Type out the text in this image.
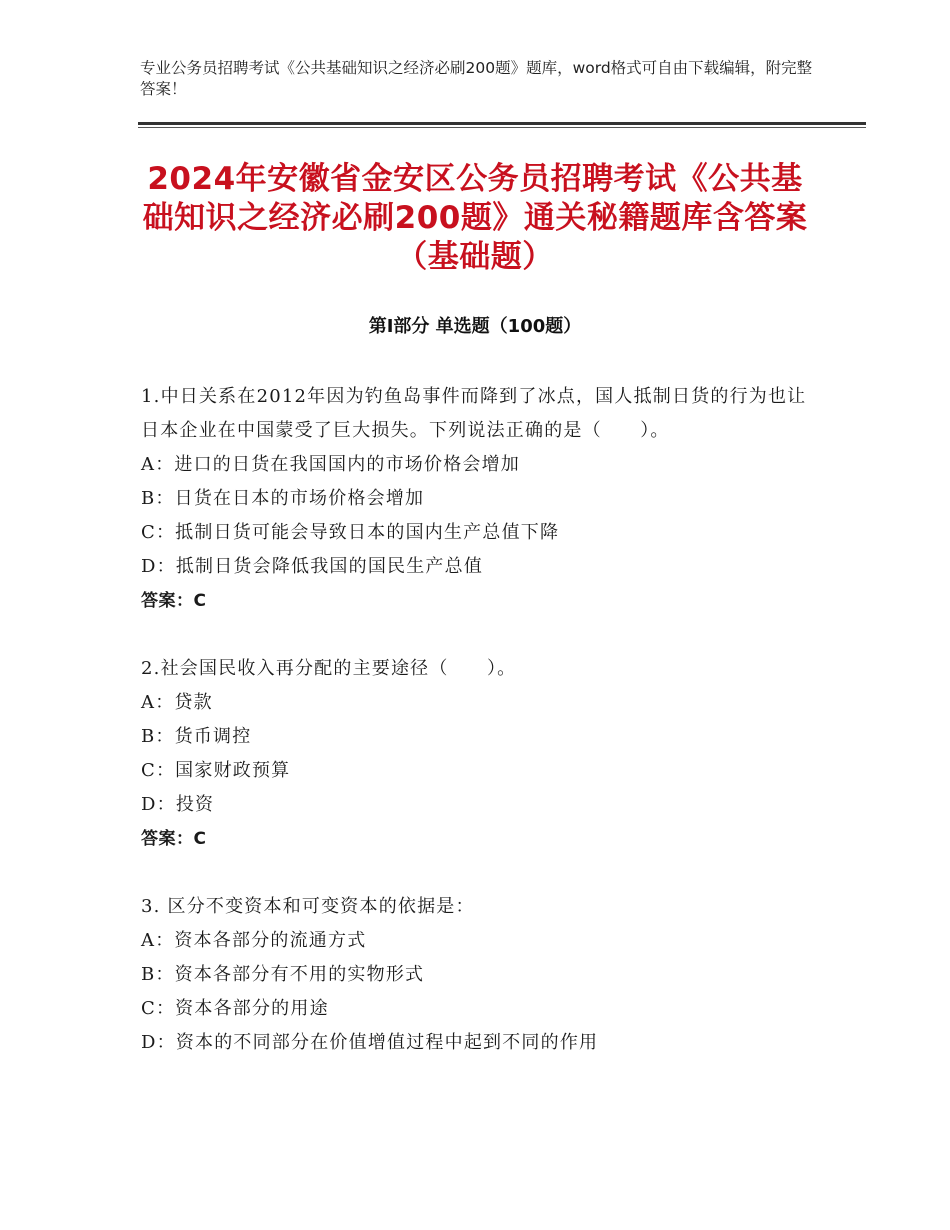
专业公务员招聘考试《公共基础知识之经济必刷200题》题库，word格式可自由下载编辑，附完整答案！
2024年安徽省金安区公务员招聘考试《公共基础知识之经济必刷200题》通关秘籍题库含答案（基础题）
第Ⅰ部分 单选题（100题）
1.中日关系在2012年因为钓鱼岛事件而降到了冰点，国人抵制日货的行为也让日本企业在中国蒙受了巨大损失。下列说法正确的是（　　）。
A：进口的日货在我国国内的市场价格会增加
B：日货在日本的市场价格会增加
C：抵制日货可能会导致日本的国内生产总值下降
D：抵制日货会降低我国的国民生产总值
答案：C
2.社会国民收入再分配的主要途径（　　）。
A：贷款
B：货币调控
C：国家财政预算
D：投资
答案：C
3. 区分不变资本和可变资本的依据是：
A：资本各部分的流通方式
B：资本各部分有不用的实物形式
C：资本各部分的用途
D：资本的不同部分在价值增值过程中起到不同的作用
